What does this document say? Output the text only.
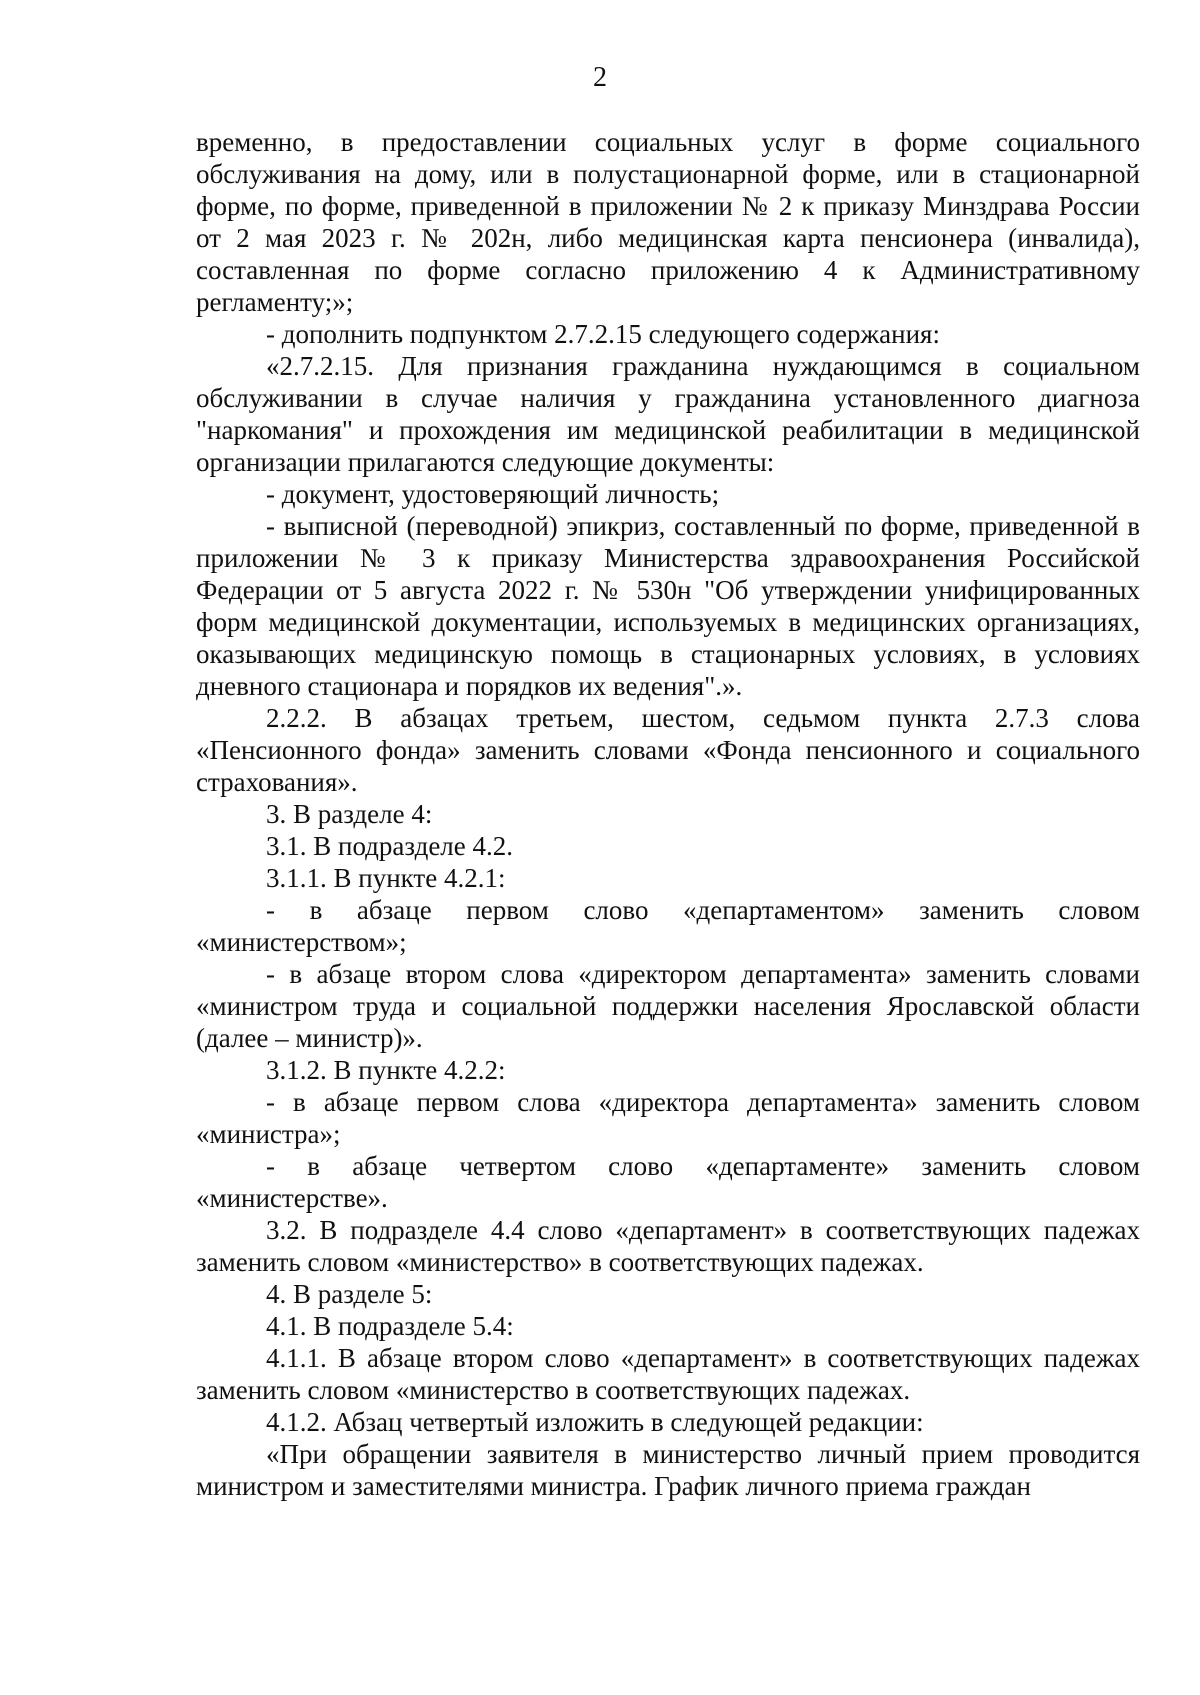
2

временно, в предоставлении социальных услуг в форме социального обслуживания на дому, или в полустационарной форме, или в стационарной форме, по форме, приведенной в приложении № 2 к приказу Минздрава России от 2 мая 2023 г. № 202н, либо медицинская карта пенсионера (инвалида), составленная по форме согласно приложению 4 к Административному регламенту;»;

- дополнить подпунктом 2.7.2.15 следующего содержания:

«2.7.2.15. Для признания гражданина нуждающимся в социальном обслуживании в случае наличия у гражданина установленного диагноза "наркомания" и прохождения им медицинской реабилитации в медицинской организации прилагаются следующие документы:

- документ, удостоверяющий личность;

- выписной (переводной) эпикриз, составленный по форме, приведенной в приложении № 3 к приказу Министерства здравоохранения Российской Федерации от 5 августа 2022 г. № 530н "Об утверждении унифицированных форм медицинской документации, используемых в медицинских организациях, оказывающих медицинскую помощь в стационарных условиях, в условиях дневного стационара и порядков их ведения".».

2.2.2. В абзацах третьем, шестом, седьмом пункта 2.7.3 слова «Пенсионного фонда» заменить словами «Фонда пенсионного и социального страхования».

3. В разделе 4:

3.1. В подразделе 4.2.

3.1.1. В пункте 4.2.1:

- в абзаце первом слово «департаментом» заменить словом «министерством»;

- в абзаце втором слова «директором департамента» заменить словами «министром труда и социальной поддержки населения Ярославской области (далее – министр)».

3.1.2. В пункте 4.2.2:

- в абзаце первом слова «директора департамента» заменить словом «министра»;

- в абзаце четвертом слово «департаменте» заменить словом «министерстве».

3.2. В подразделе 4.4 слово «департамент» в соответствующих падежах заменить словом «министерство» в соответствующих падежах.

4. В разделе 5:

4.1. В подразделе 5.4:

4.1.1. В абзаце втором слово «департамент» в соответствующих падежах заменить словом «министерство в соответствующих падежах.

4.1.2. Абзац четвертый изложить в следующей редакции:

«При обращении заявителя в министерство личный прием проводится министром и заместителями министра. График личного приема граждан
